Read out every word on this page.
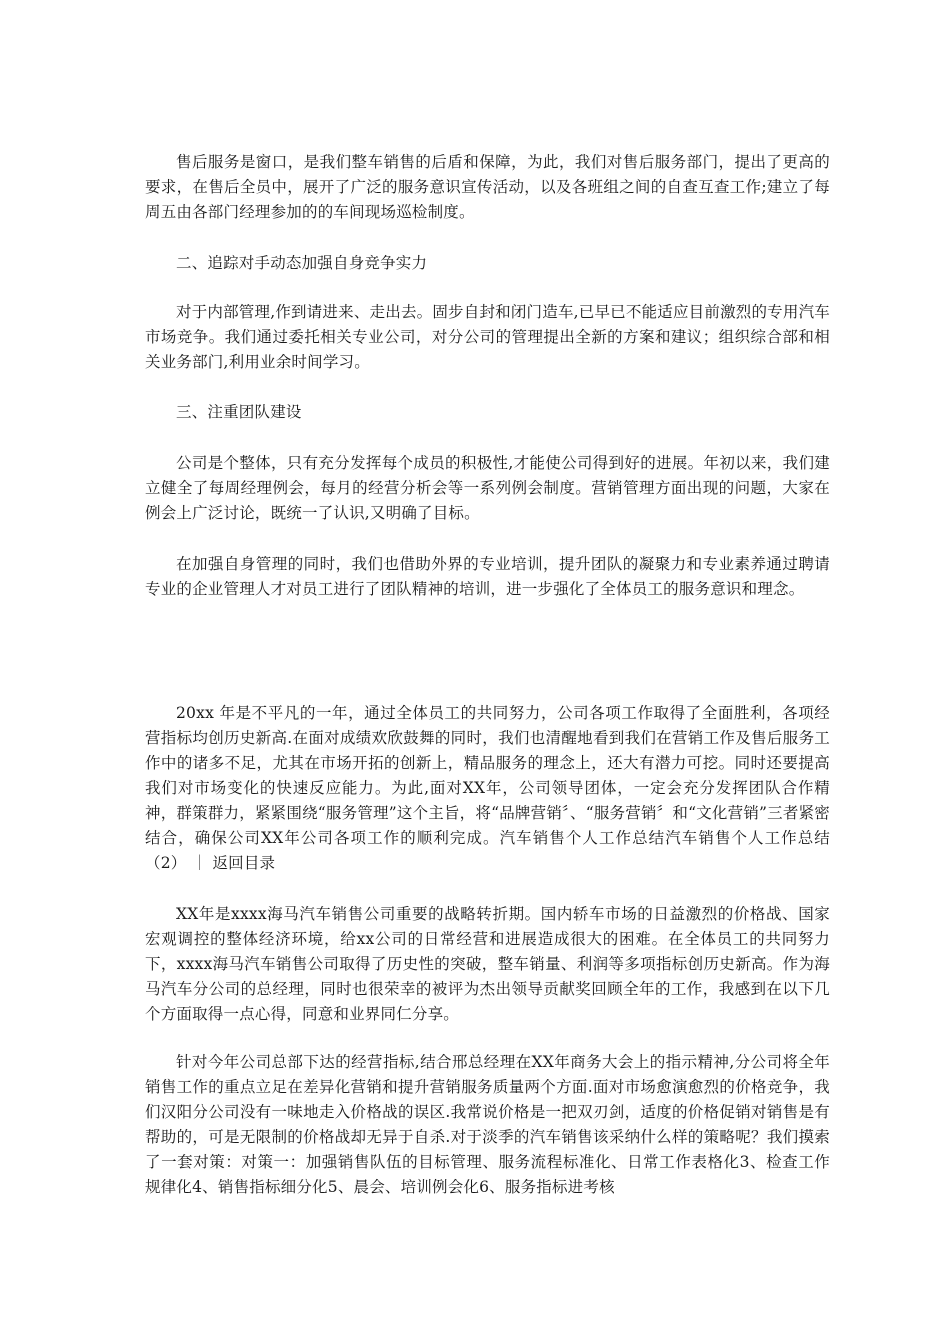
售后服务是窗口，是我们整车销售的后盾和保障，为此，我们对售后服务部门，提出了更高的要求，在售后全员中，展开了广泛的服务意识宣传活动，以及各班组之间的自查互查工作;建立了每周五由各部门经理参加的的车间现场巡检制度。

二、追踪对手动态加强自身竞争实力

对于内部管理,作到请进来、走出去。固步自封和闭门造车,已早已不能适应目前激烈的专用汽车市场竞争。我们通过委托相关专业公司，对分公司的管理提出全新的方案和建议；组织综合部和相关业务部门,利用业余时间学习。

三、注重团队建设

公司是个整体，只有充分发挥每个成员的积极性,才能使公司得到好的进展。年初以来，我们建立健全了每周经理例会，每月的经营分析会等一系列例会制度。营销管理方面出现的问题，大家在例会上广泛讨论，既统一了认识,又明确了目标。

在加强自身管理的同时，我们也借助外界的专业培训，提升团队的凝聚力和专业素养通过聘请专业的企业管理人才对员工进行了团队精神的培训，进一步强化了全体员工的服务意识和理念。

20xx 年是不平凡的一年，通过全体员工的共同努力，公司各项工作取得了全面胜利，各项经营指标均创历史新高.在面对成绩欢欣鼓舞的同时，我们也清醒地看到我们在营销工作及售后服务工作中的诸多不足，尤其在市场开拓的创新上，精品服务的理念上，还大有潜力可挖。同时还要提高我们对市场变化的快速反应能力。为此,面对XX年，公司领导团体，一定会充分发挥团队合作精神，群策群力，紧紧围绕“服务管理”这个主旨，将“品牌营销〞、“服务营销〞和“文化营销”三者紧密结合，确保公司XX年公司各项工作的顺利完成。汽车销售个人工作总结汽车销售个人工作总结（2） ｜ 返回目录

XX年是xxxx海马汽车销售公司重要的战略转折期。国内轿车市场的日益激烈的价格战、国家宏观调控的整体经济环境，给xx公司的日常经营和进展造成很大的困难。在全体员工的共同努力下，xxxx海马汽车销售公司取得了历史性的突破，整车销量、利润等多项指标创历史新高。作为海马汽车分公司的总经理，同时也很荣幸的被评为杰出领导贡献奖回顾全年的工作，我感到在以下几个方面取得一点心得，同意和业界同仁分享。

针对今年公司总部下达的经营指标,结合邢总经理在XX年商务大会上的指示精神,分公司将全年销售工作的重点立足在差异化营销和提升营销服务质量两个方面.面对市场愈演愈烈的价格竞争，我们汉阳分公司没有一味地走入价格战的误区.我常说价格是一把双刃剑，适度的价格促销对销售是有帮助的，可是无限制的价格战却无异于自杀.对于淡季的汽车销售该采纳什么样的策略呢？我们摸索了一套对策：对策一：加强销售队伍的目标管理、服务流程标准化、日常工作表格化3、检查工作规律化4、销售指标细分化5、晨会、培训例会化6、服务指标进考核
